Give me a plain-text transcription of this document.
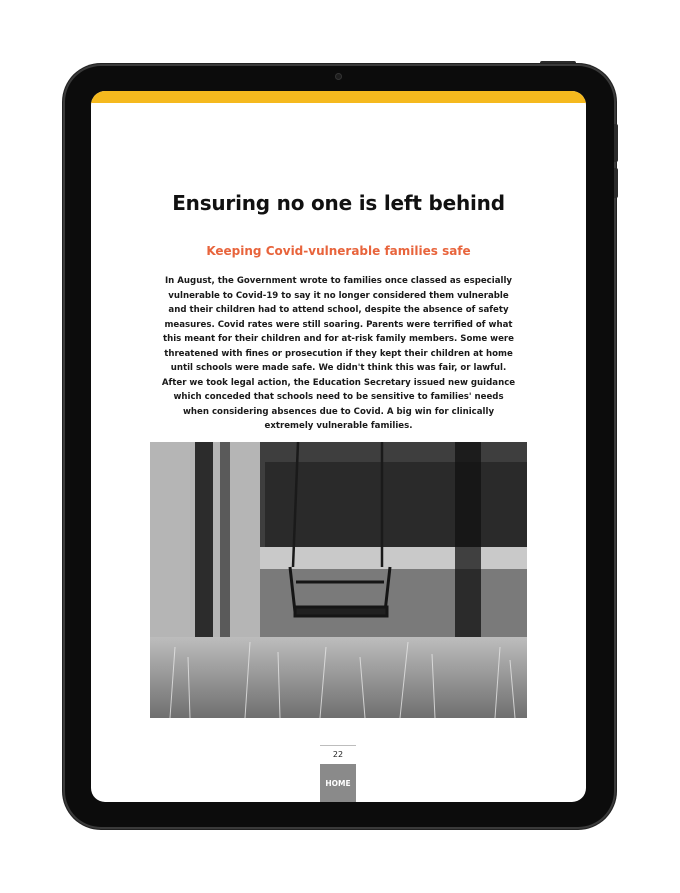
Ensuring no one is left behind
Keeping Covid-vulnerable families safe

In August, the Government wrote to families once classed as especially vulnerable to Covid-19 to say it no longer considered them vulnerable and their children had to attend school, despite the absence of safety measures. Covid rates were still soaring. Parents were terrified of what this meant for their children and for at-risk family members. Some were threatened with fines or prosecution if they kept their children at home until schools were made safe. We didn't think this was fair, or lawful. After we took legal action, the Education Secretary issued new guidance which conceded that schools need to be sensitive to families' needs when considering absences due to Covid. A big win for clinically extremely vulnerable families.

22
HOME
